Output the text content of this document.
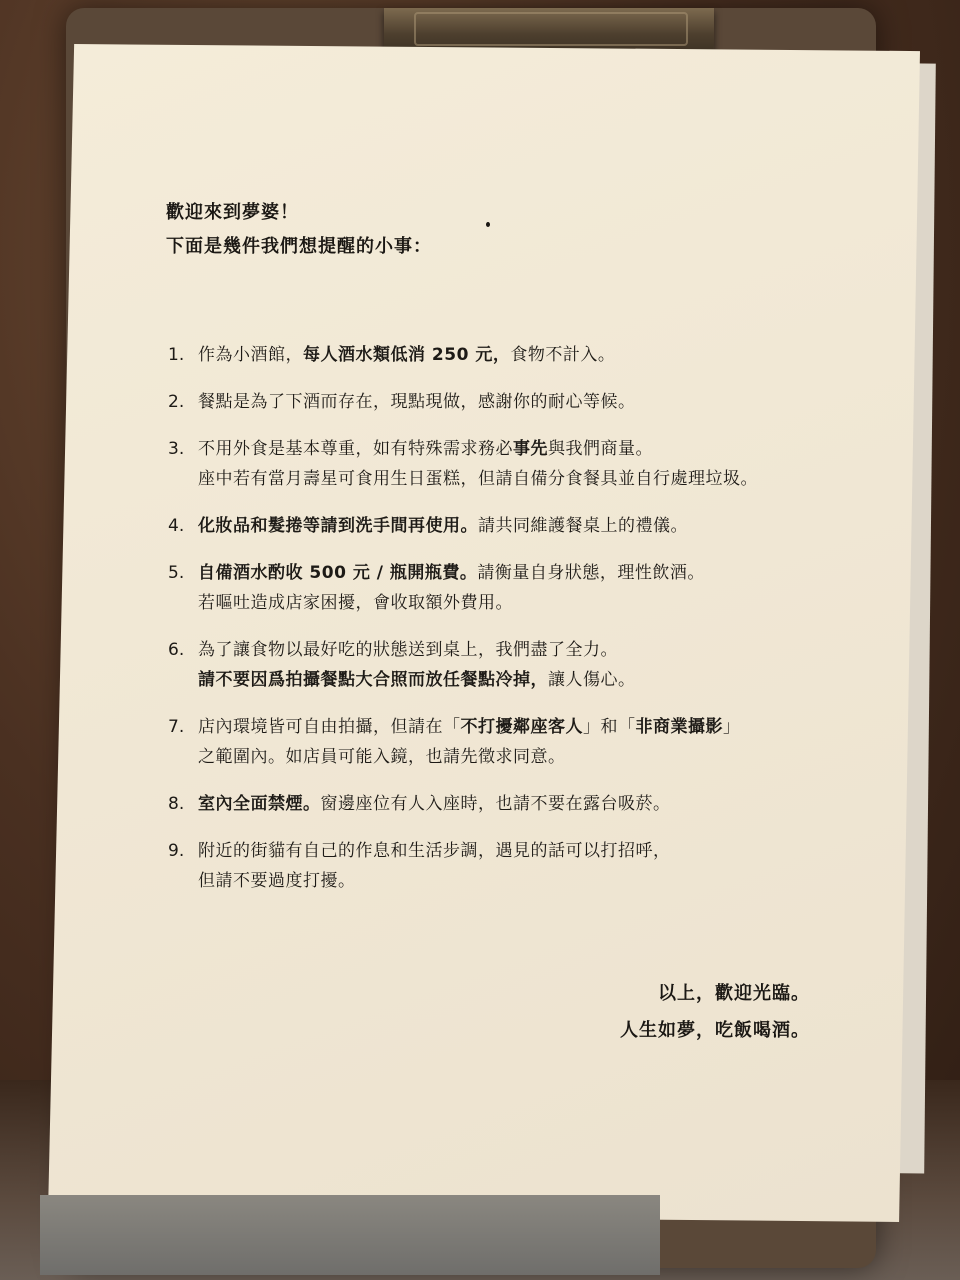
歡迎來到夢婆！
下面是幾件我們想提醒的小事：
1. 作為小酒館，每人酒水類低消 250 元，食物不計入。
2. 餐點是為了下酒而存在，現點現做，感謝你的耐心等候。
3. 不用外食是基本尊重，如有特殊需求務必事先與我們商量。
座中若有當月壽星可食用生日蛋糕，但請自備分食餐具並自行處理垃圾。
4. 化妝品和髮捲等請到洗手間再使用。請共同維護餐桌上的禮儀。
5. 自備酒水酌收 500 元 / 瓶開瓶費。請衡量自身狀態，理性飲酒。
若嘔吐造成店家困擾，會收取額外費用。
6. 為了讓食物以最好吃的狀態送到桌上，我們盡了全力。
請不要因爲拍攝餐點大合照而放任餐點冷掉，讓人傷心。
7. 店內環境皆可自由拍攝，但請在「不打擾鄰座客人」和「非商業攝影」
之範圍內。如店員可能入鏡，也請先徵求同意。
8. 室內全面禁煙。窗邊座位有人入座時，也請不要在露台吸菸。
9. 附近的街貓有自己的作息和生活步調，遇見的話可以打招呼，
但請不要過度打擾。
以上，歡迎光臨。
人生如夢，吃飯喝酒。
